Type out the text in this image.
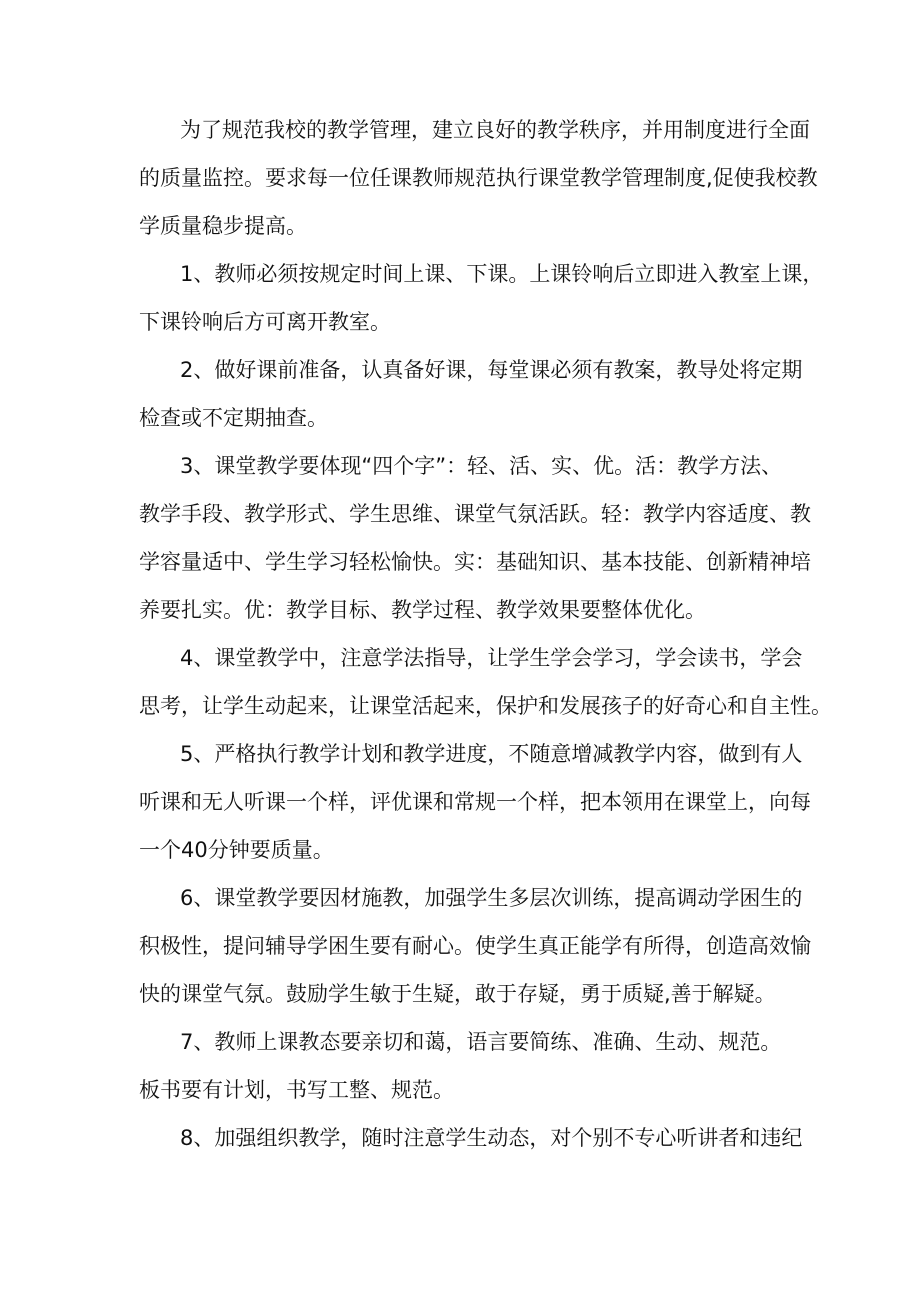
为了规范我校的教学管理，建立良好的教学秩序，并用制度进行全面
的质量监控。要求每一位任课教师规范执行课堂教学管理制度,促使我校教
学质量稳步提高。
1、教师必须按规定时间上课、下课。上课铃响后立即进入教室上课，
下课铃响后方可离开教室。
2、做好课前准备，认真备好课，每堂课必须有教案，教导处将定期
检查或不定期抽查。
3、课堂教学要体现“四个字”：轻、活、实、优。活：教学方法、
教学手段、教学形式、学生思维、课堂气氛活跃。轻：教学内容适度、教
学容量适中、学生学习轻松愉快。实：基础知识、基本技能、创新精神培
养要扎实。优：教学目标、教学过程、教学效果要整体优化。
4、课堂教学中，注意学法指导，让学生学会学习，学会读书，学会
思考，让学生动起来，让课堂活起来，保护和发展孩子的好奇心和自主性。
5、严格执行教学计划和教学进度，不随意增减教学内容，做到有人
听课和无人听课一个样，评优课和常规一个样，把本领用在课堂上，向每
一个40分钟要质量。
6、课堂教学要因材施教，加强学生多层次训练，提高调动学困生的
积极性，提问辅导学困生要有耐心。使学生真正能学有所得，创造高效愉
快的课堂气氛。鼓励学生敏于生疑，敢于存疑，勇于质疑,善于解疑。
7、教师上课教态要亲切和蔼，语言要简练、准确、生动、规范。
板书要有计划，书写工整、规范。
8、加强组织教学，随时注意学生动态，对个别不专心听讲者和违纪
